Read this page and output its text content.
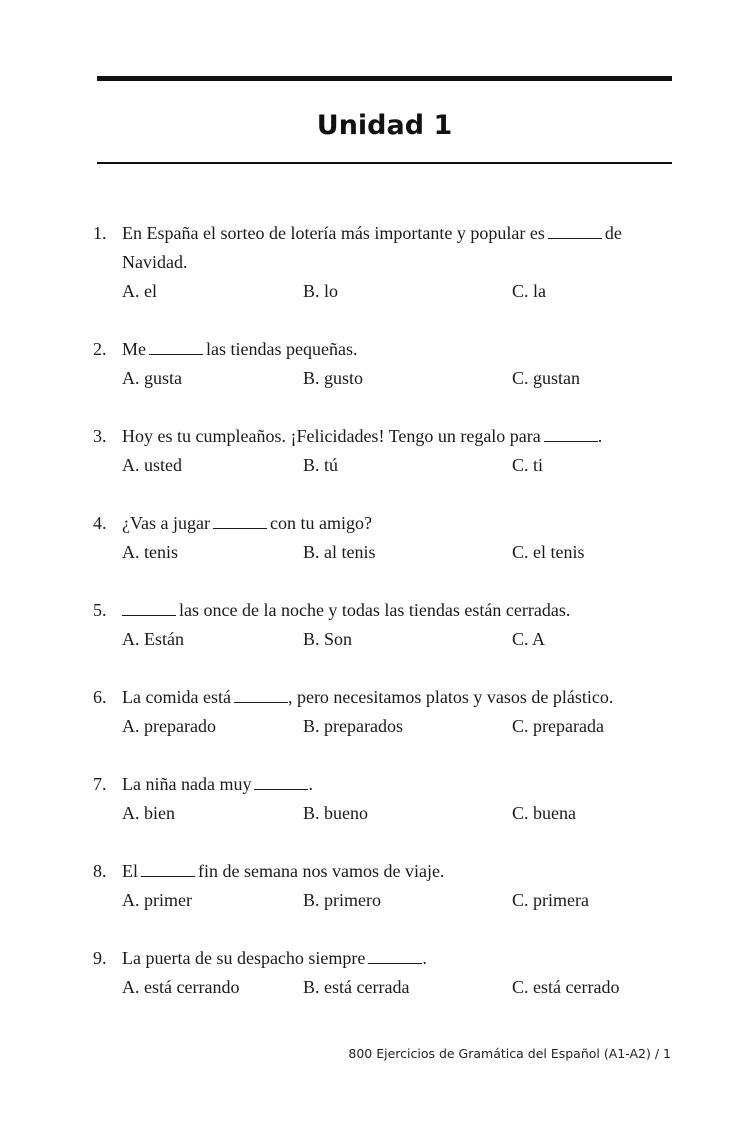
Unidad 1
1. En España el sorteo de lotería más importante y popular es	de Navidad.
A. el	B. lo	C. la
2. Me	las tiendas pequeñas.
A. gusta	B. gusto	C. gustan
3. Hoy es tu cumpleaños. ¡Felicidades! Tengo un regalo para	.
A. usted	B. tú	C. ti
4. ¿Vas a jugar	con tu amigo?
A. tenis	B. al tenis	C. el tenis
5.	las once de la noche y todas las tiendas están cerradas.
A. Están	B. Son	C. A
6. La comida está	, pero necesitamos platos y vasos de plástico.
A. preparado	B. preparados	C. preparada
7. La niña nada muy	.
A. bien	B. bueno	C. buena
8. El	fin de semana nos vamos de viaje.
A. primer	B. primero	C. primera
9. La puerta de su despacho siempre	.
A. está cerrando	B. está cerrada	C. está cerrado
800 Ejercicios de Gramática del Español (A1-A2) / 1
